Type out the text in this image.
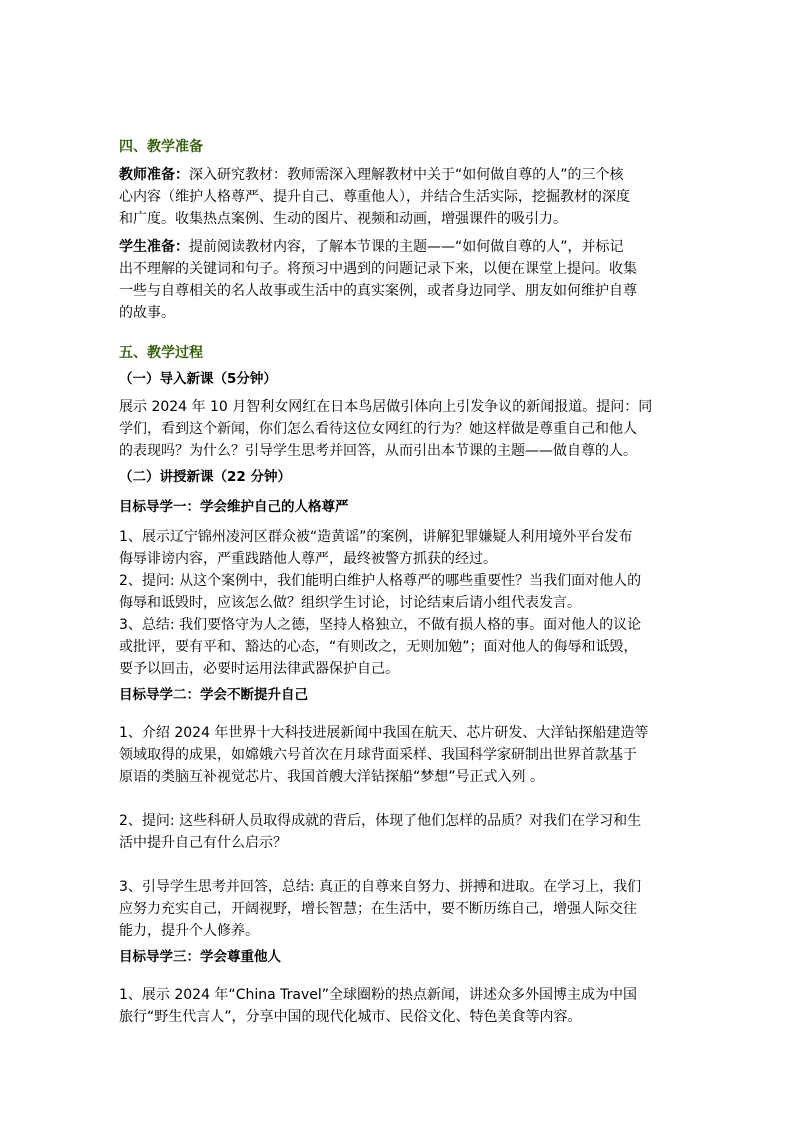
四、教学准备

教师准备：深入研究教材：教师需深入理解教材中关于“如何做自尊的人”的三个核
心内容（维护人格尊严、提升自己、尊重他人），并结合生活实际，挖掘教材的深度
和广度。收集热点案例、生动的图片、视频和动画，增强课件的吸引力。

学生准备：提前阅读教材内容，了解本节课的主题——“如何做自尊的人”，并标记
出不理解的关键词和句子。将预习中遇到的问题记录下来，以便在课堂上提问。收集
一些与自尊相关的名人故事或生活中的真实案例，或者身边同学、朋友如何维护自尊
的故事。

五、教学过程

（一）导入新课（5分钟）

展示 2024 年 10 月智利女网红在日本鸟居做引体向上引发争议的新闻报道。提问：同
学们，看到这个新闻，你们怎么看待这位女网红的行为？她这样做是尊重自己和他人
的表现吗？为什么？引导学生思考并回答，从而引出本节课的主题——做自尊的人。

（二）讲授新课（22 分钟）

目标导学一：学会维护自己的人格尊严

1、展示辽宁锦州凌河区群众被“造黄谣”的案例，讲解犯罪嫌疑人利用境外平台发布
侮辱诽谤内容，严重践踏他人尊严，最终被警方抓获的经过。
2、提问: 从这个案例中，我们能明白维护人格尊严的哪些重要性？当我们面对他人的
侮辱和诋毁时，应该怎么做？组织学生讨论，讨论结束后请小组代表发言。
3、总结: 我们要恪守为人之德，坚持人格独立，不做有损人格的事。面对他人的议论
或批评，要有平和、豁达的心态，“有则改之，无则加勉”；面对他人的侮辱和诋毁，
要予以回击，必要时运用法律武器保护自己。

目标导学二：学会不断提升自己

1、介绍 2024 年世界十大科技进展新闻中我国在航天、芯片研发、大洋钻探船建造等
领域取得的成果，如嫦娥六号首次在月球背面采样、我国科学家研制出世界首款基于
原语的类脑互补视觉芯片、我国首艘大洋钻探船“梦想”号正式入列 。

2、提问: 这些科研人员取得成就的背后，体现了他们怎样的品质？对我们在学习和生
活中提升自己有什么启示？

3、引导学生思考并回答，总结: 真正的自尊来自努力、拼搏和进取。在学习上，我们
应努力充实自己，开阔视野，增长智慧；在生活中，要不断历练自己，增强人际交往
能力，提升个人修养。

目标导学三：学会尊重他人

1、展示 2024 年“China Travel”全球圈粉的热点新闻，讲述众多外国博主成为中国
旅行“野生代言人”，分享中国的现代化城市、民俗文化、特色美食等内容。
